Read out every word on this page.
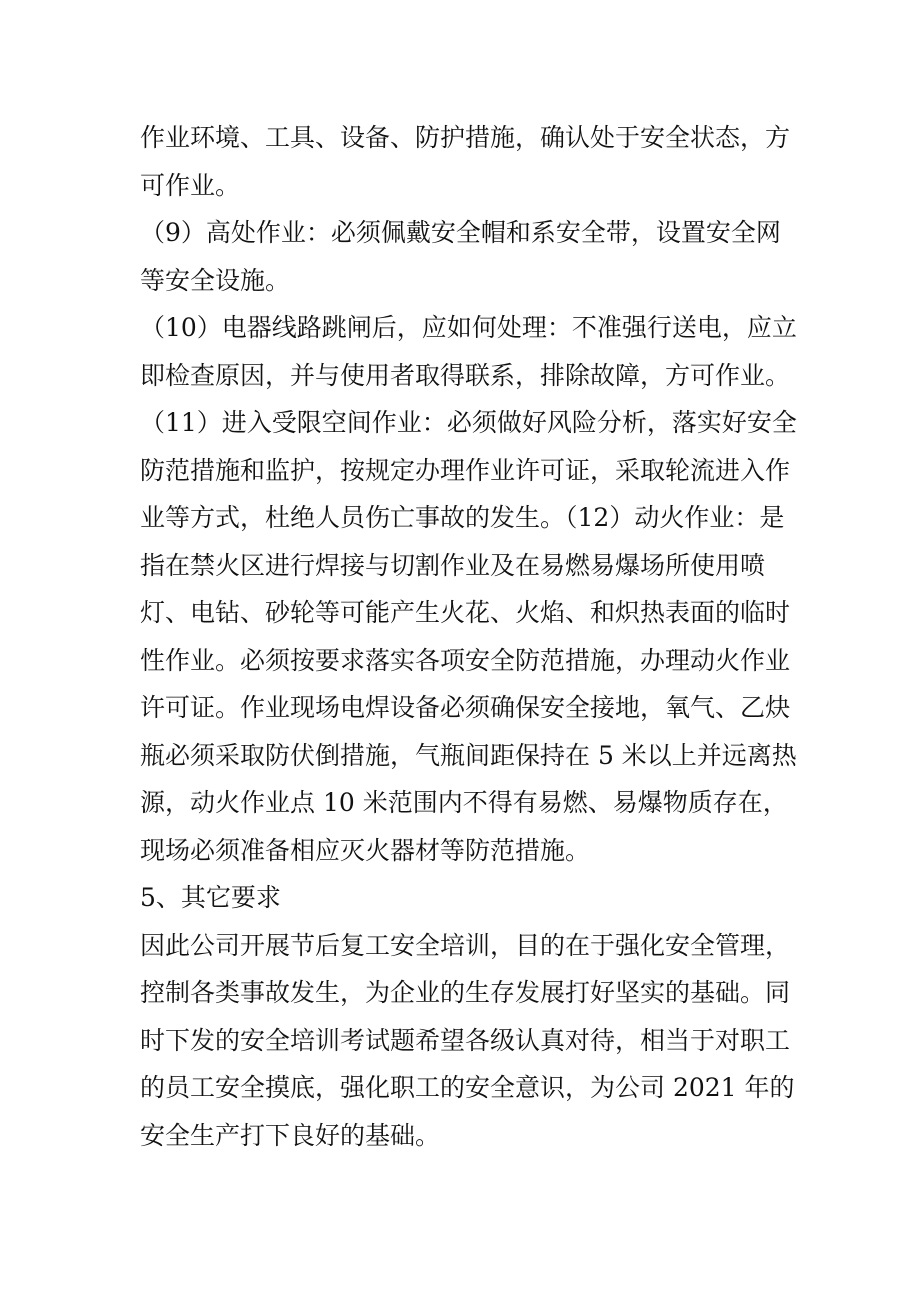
作业环境、工具、设备、防护措施，确认处于安全状态，方

可作业。

（9）高处作业：必须佩戴安全帽和系安全带，设置安全网

等安全设施。

（10）电器线路跳闸后，应如何处理：不准强行送电，应立

即检查原因，并与使用者取得联系，排除故障，方可作业。

（11）进入受限空间作业：必须做好风险分析，落实好安全

防范措施和监护，按规定办理作业许可证，采取轮流进入作

业等方式，杜绝人员伤亡事故的发生。（12）动火作业：是

指在禁火区进行焊接与切割作业及在易燃易爆场所使用喷

灯、电钻、砂轮等可能产生火花、火焰、和炽热表面的临时

性作业。必须按要求落实各项安全防范措施，办理动火作业

许可证。作业现场电焊设备必须确保安全接地，氧气、乙炔

瓶必须采取防伏倒措施，气瓶间距保持在 5 米以上并远离热

源，动火作业点 10 米范围内不得有易燃、易爆物质存在，

现场必须准备相应灭火器材等防范措施。

5、其它要求

因此公司开展节后复工安全培训，目的在于强化安全管理，

控制各类事故发生，为企业的生存发展打好坚实的基础。同

时下发的安全培训考试题希望各级认真对待，相当于对职工

的员工安全摸底，强化职工的安全意识，为公司 2021 年的

安全生产打下良好的基础。
